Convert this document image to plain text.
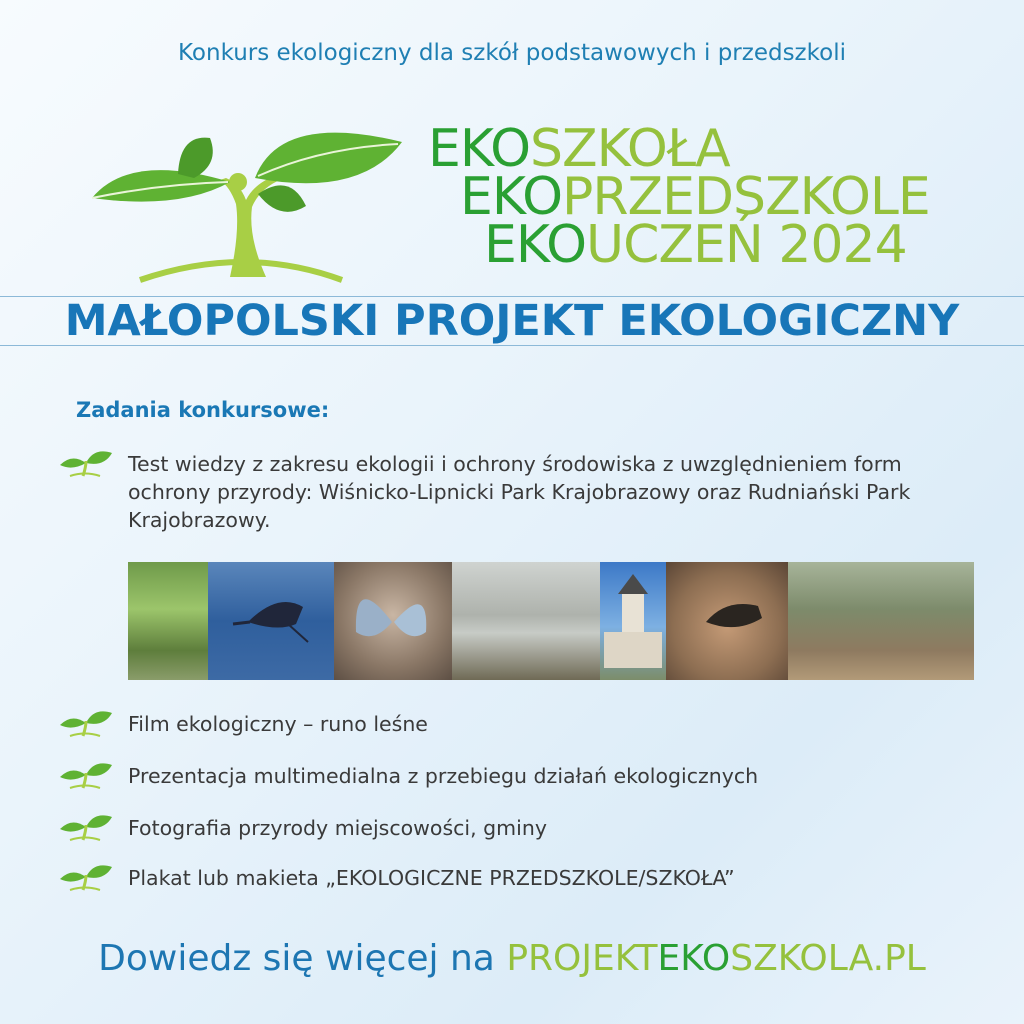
Konkurs ekologiczny dla szkół podstawowych i przedszkoli
EKOSZKOŁA
EKOPRZEDSZKOLE
EKOUCZEŃ 2024
MAŁOPOLSKI PROJEKT EKOLOGICZNY
Zadania konkursowe:
Test wiedzy z zakresu ekologii i ochrony środowiska z uwzględnieniem form ochrony przyrody: Wiśnicko-Lipnicki Park Krajobrazowy oraz Rudniański Park Krajobrazowy.
Film ekologiczny – runo leśne
Prezentacja multimedialna z przebiegu działań ekologicznych
Fotografia przyrody miejscowości, gminy
Plakat lub makieta „EKOLOGICZNE PRZEDSZKOLE/SZKOŁA”
Dowiedz się więcej na PROJEKTEKOSZKOLA.PL
